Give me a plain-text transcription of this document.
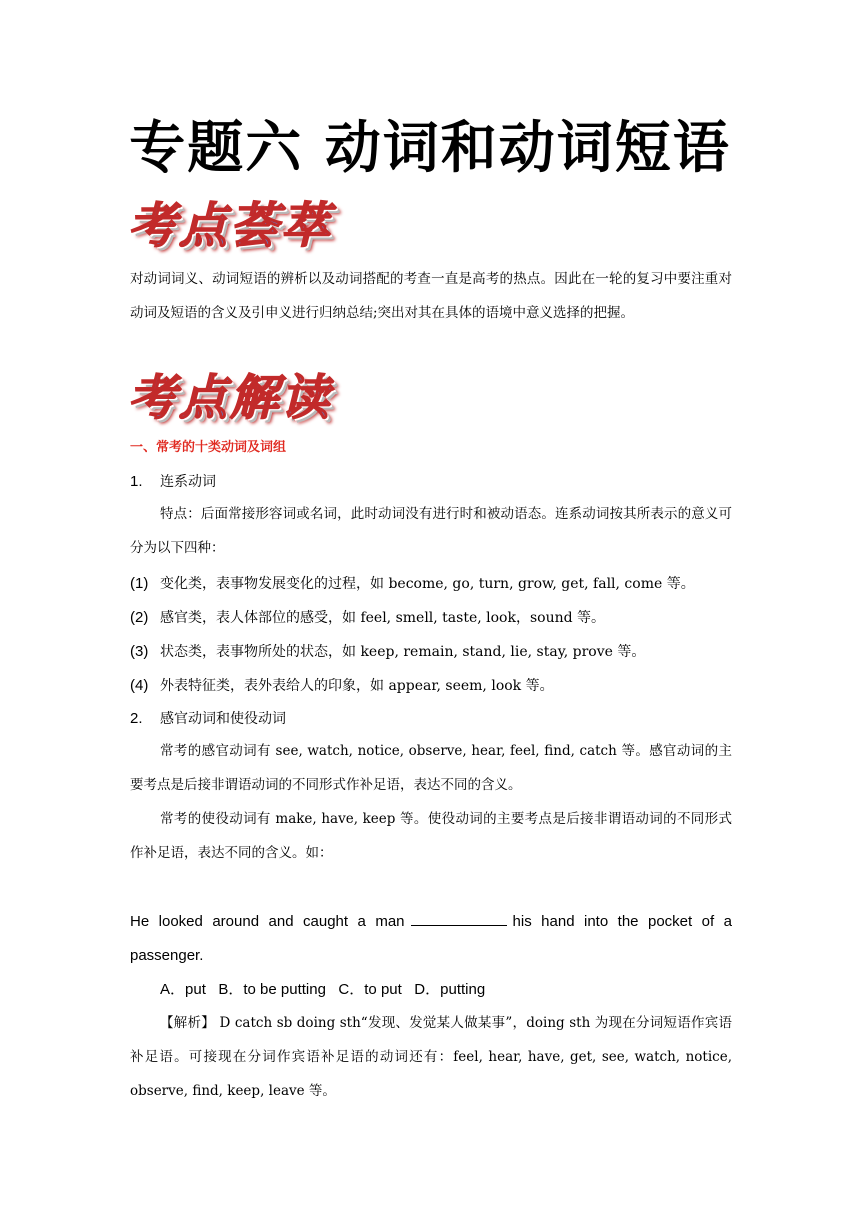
专题六 动词和动词短语
考点荟萃
对动词词义、动词短语的辨析以及动词搭配的考查一直是高考的热点。因此在一轮的复习中要注重对动词及短语的含义及引申义进行归纳总结;突出对其在具体的语境中意义选择的把握。
考点解读
一、常考的十类动词及词组
1. 连系动词
特点：后面常接形容词或名词，此时动词没有进行时和被动语态。连系动词按其所表示的意义可分为以下四种：
(1) 变化类，表事物发展变化的过程，如 become, go, turn, grow, get, fall, come 等。
(2) 感官类，表人体部位的感受，如 feel, smell, taste, look，sound 等。
(3) 状态类，表事物所处的状态，如 keep, remain, stand, lie, stay, prove 等。
(4) 外表特征类，表外表给人的印象，如 appear, seem, look 等。
2. 感官动词和使役动词
常考的感官动词有 see, watch, notice, observe, hear, feel, find, catch 等。感官动词的主要考点是后接非谓语动词的不同形式作补足语，表达不同的含义。
常考的使役动词有 make, have, keep 等。使役动词的主要考点是后接非谓语动词的不同形式作补足语，表达不同的含义。如：
He looked around and caught a man	his hand into the pocket of a
passenger.
A．put   B．to be putting   C．to put   D．putting
【解析】 D catch sb doing sth“发现、发觉某人做某事”，doing sth 为现在分词短语作宾语补足语。可接现在分词作宾语补足语的动词还有：feel, hear, have, get, see, watch, notice, observe, find, keep, leave 等。
